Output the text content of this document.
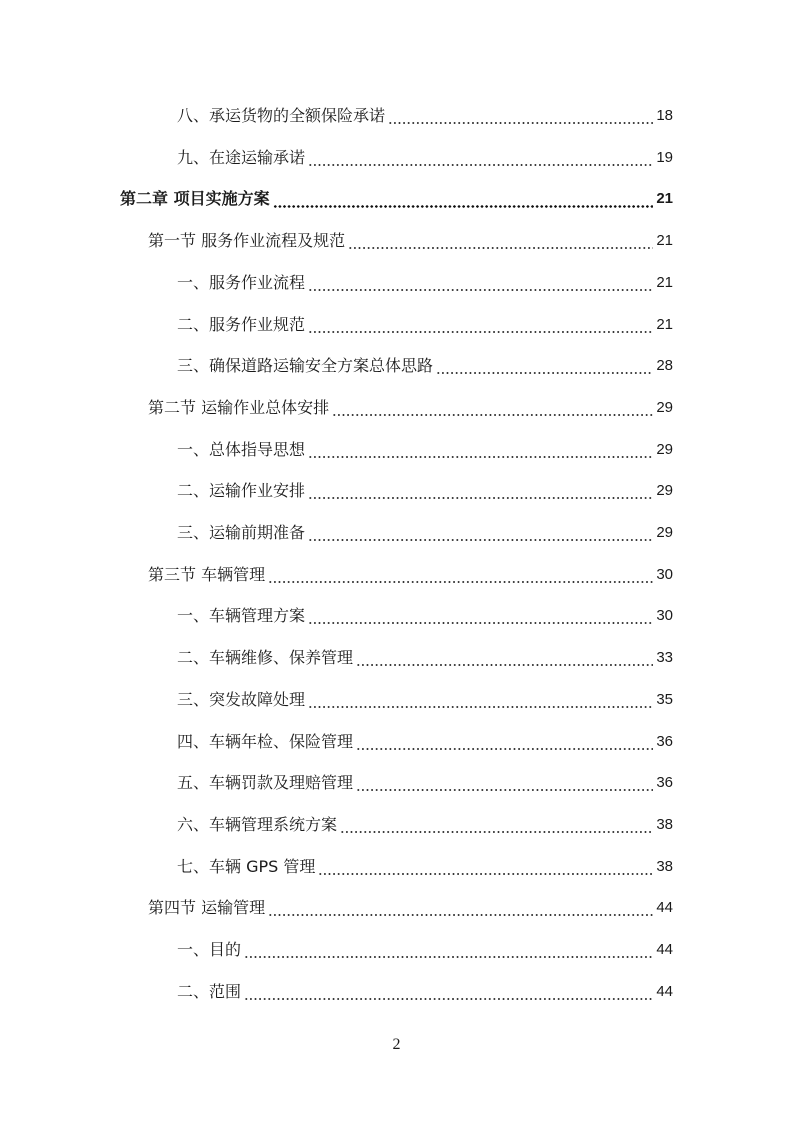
八、承运货物的全额保险承诺	18
九、在途运输承诺	19
第二章 项目实施方案	21
第一节 服务作业流程及规范	21
一、服务作业流程	21
二、服务作业规范	21
三、确保道路运输安全方案总体思路	28
第二节 运输作业总体安排	29
一、总体指导思想	29
二、运输作业安排	29
三、运输前期准备	29
第三节 车辆管理	30
一、车辆管理方案	30
二、车辆维修、保养管理	33
三、突发故障处理	35
四、车辆年检、保险管理	36
五、车辆罚款及理赔管理	36
六、车辆管理系统方案	38
七、车辆 GPS 管理	38
第四节 运输管理	44
一、目的	44
二、范围	44
2
